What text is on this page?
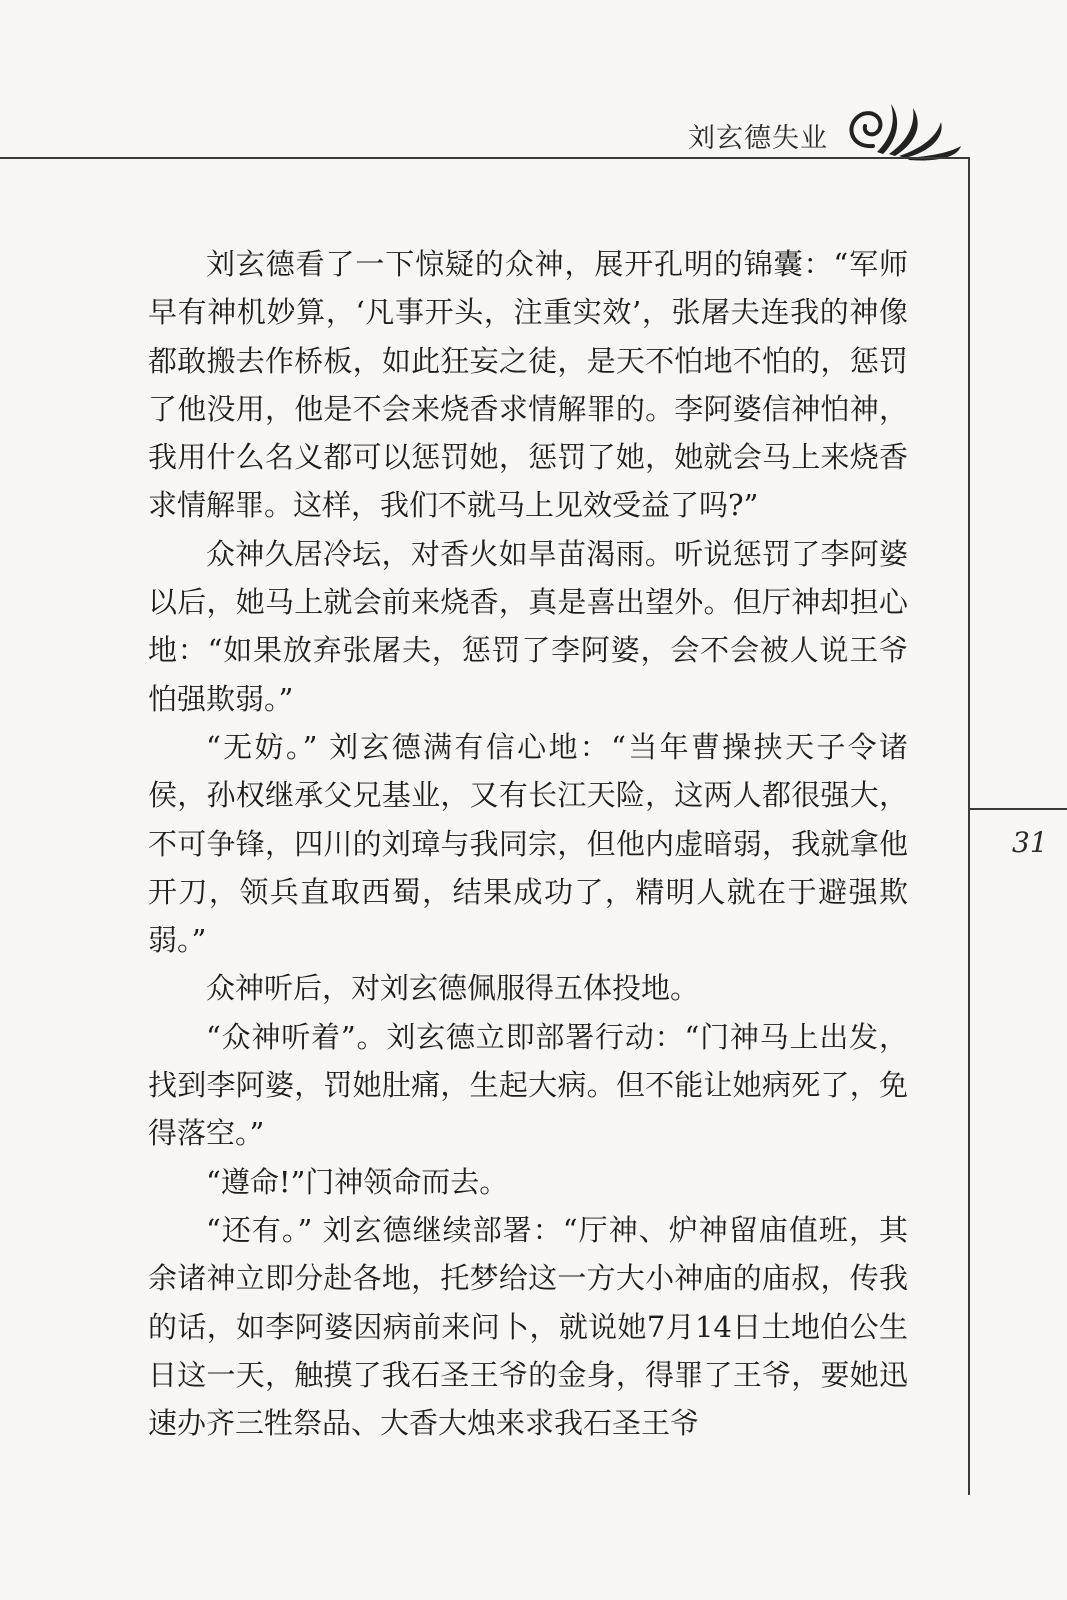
刘玄德失业
31

刘玄德看了一下惊疑的众神，展开孔明的锦囊：“军师早有神机妙算，‘凡事开头，注重实效’，张屠夫连我的神像都敢搬去作桥板，如此狂妄之徒，是天不怕地不怕的，惩罚了他没用，他是不会来烧香求情解罪的。李阿婆信神怕神，我用什么名义都可以惩罚她，惩罚了她，她就会马上来烧香求情解罪。这样，我们不就马上见效受益了吗?”

众神久居冷坛，对香火如旱苗渴雨。听说惩罚了李阿婆以后，她马上就会前来烧香，真是喜出望外。但厅神却担心地：“如果放弃张屠夫，惩罚了李阿婆，会不会被人说王爷怕强欺弱。”

“无妨。” 刘玄德满有信心地：“当年曹操挟天子令诸侯，孙权继承父兄基业，又有长江天险，这两人都很强大，不可争锋，四川的刘璋与我同宗，但他内虚暗弱，我就拿他开刀，领兵直取西蜀，结果成功了，精明人就在于避强欺弱。”

众神听后，对刘玄德佩服得五体投地。

“众神听着”。刘玄德立即部署行动：“门神马上出发，找到李阿婆，罚她肚痛，生起大病。但不能让她病死了，免得落空。”

“遵命!”门神领命而去。

“还有。” 刘玄德继续部署：“厅神、炉神留庙值班，其余诸神立即分赴各地，托梦给这一方大小神庙的庙叔，传我的话，如李阿婆因病前来问卜，就说她7月14日土地伯公生日这一天，触摸了我石圣王爷的金身，得罪了王爷，要她迅速办齐三牲祭品、大香大烛来求我石圣王爷
